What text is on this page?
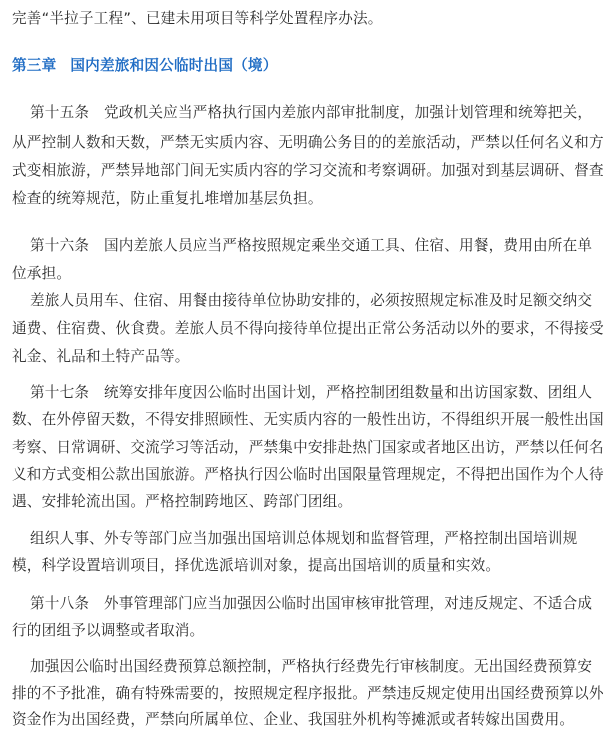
完善“半拉子工程”、已建未用项目等科学处置程序办法。
第三章 国内差旅和因公临时出国（境）
第十五条　党政机关应当严格执行国内差旅内部审批制度，加强计划管理和统筹把关，
从严控制人数和天数，严禁无实质内容、无明确公务目的的差旅活动，严禁以任何名义和方
式变相旅游，严禁异地部门间无实质内容的学习交流和考察调研。加强对到基层调研、督查
检查的统筹规范，防止重复扎堆增加基层负担。
第十六条　国内差旅人员应当严格按照规定乘坐交通工具、住宿、用餐，费用由所在单
位承担。
差旅人员用车、住宿、用餐由接待单位协助安排的，必须按照规定标准及时足额交纳交
通费、住宿费、伙食费。差旅人员不得向接待单位提出正常公务活动以外的要求，不得接受
礼金、礼品和土特产品等。
第十七条　统筹安排年度因公临时出国计划，严格控制团组数量和出访国家数、团组人
数、在外停留天数，不得安排照顾性、无实质内容的一般性出访，不得组织开展一般性出国
考察、日常调研、交流学习等活动，严禁集中安排赴热门国家或者地区出访，严禁以任何名
义和方式变相公款出国旅游。严格执行因公临时出国限量管理规定，不得把出国作为个人待
遇、安排轮流出国。严格控制跨地区、跨部门团组。
组织人事、外专等部门应当加强出国培训总体规划和监督管理，严格控制出国培训规
模，科学设置培训项目，择优选派培训对象，提高出国培训的质量和实效。
第十八条　外事管理部门应当加强因公临时出国审核审批管理，对违反规定、不适合成
行的团组予以调整或者取消。
加强因公临时出国经费预算总额控制，严格执行经费先行审核制度。无出国经费预算安
排的不予批准，确有特殊需要的，按照规定程序报批。严禁违反规定使用出国经费预算以外
资金作为出国经费，严禁向所属单位、企业、我国驻外机构等摊派或者转嫁出国费用。
